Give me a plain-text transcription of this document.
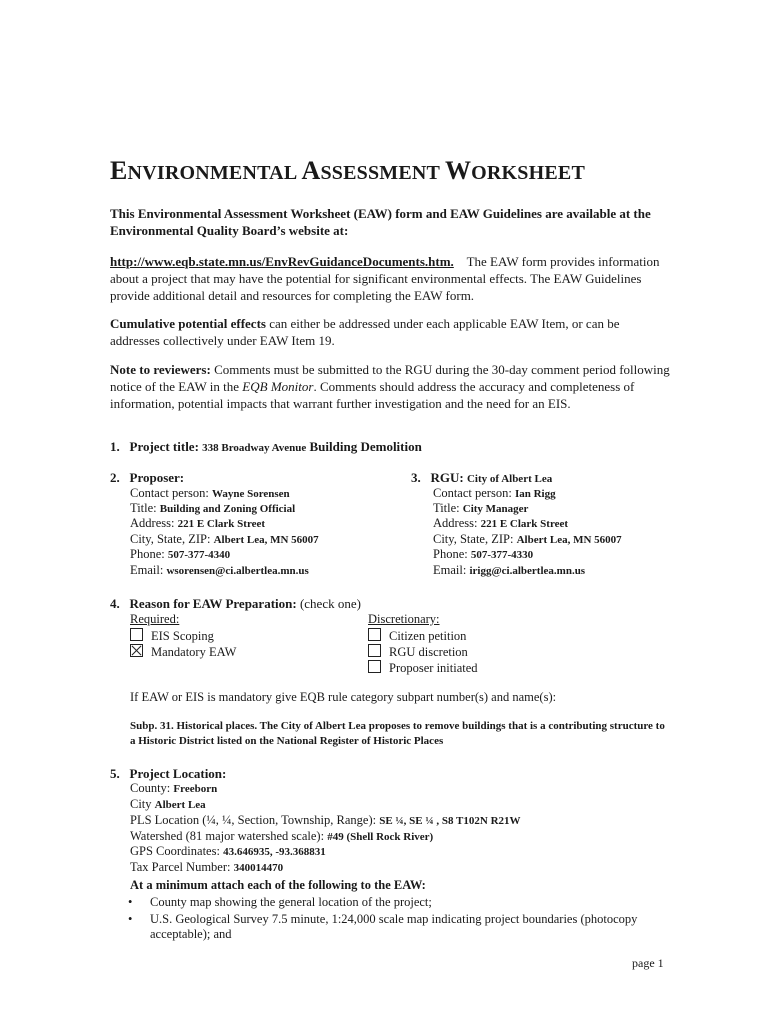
ENVIRONMENTAL ASSESSMENT WORKSHEET

This Environmental Assessment Worksheet (EAW) form and EAW Guidelines are available at the Environmental Quality Board’s website at:

http://www.eqb.state.mn.us/EnvRevGuidanceDocuments.htm. The EAW form provides information about a project that may have the potential for significant environmental effects. The EAW Guidelines provide additional detail and resources for completing the EAW form.

Cumulative potential effects can either be addressed under each applicable EAW Item, or can be addresses collectively under EAW Item 19.

Note to reviewers: Comments must be submitted to the RGU during the 30-day comment period following notice of the EAW in the EQB Monitor. Comments should address the accuracy and completeness of information, potential impacts that warrant further investigation and the need for an EIS.

1. Project title: 338 Broadway Avenue Building Demolition
2. Proposer:
Contact person: Wayne Sorensen
Title: Building and Zoning Official
Address: 221 E Clark Street
City, State, ZIP: Albert Lea, MN 56007
Phone: 507-377-4340
Email: wsorensen@ci.albertlea.mn.us
3. RGU: City of Albert Lea
Contact person: Ian Rigg
Title: City Manager
Address: 221 E Clark Street
City, State, ZIP: Albert Lea, MN 56007
Phone: 507-377-4330
Email: irigg@ci.albertlea.mn.us
4. Reason for EAW Preparation: (check one)
Required:
EIS Scoping
Mandatory EAW
Discretionary:
Citizen petition
RGU discretion
Proposer initiated
If EAW or EIS is mandatory give EQB rule category subpart number(s) and name(s):
Subp. 31. Historical places. The City of Albert Lea proposes to remove buildings that is a contributing structure to a Historic District listed on the National Register of Historic Places
5. Project Location:
County: Freeborn
City Albert Lea
PLS Location (¼, ¼, Section, Township, Range): SE ¼, SE ¼ , S8 T102N R21W
Watershed (81 major watershed scale): #49 (Shell Rock River)
GPS Coordinates: 43.646935, -93.368831
Tax Parcel Number: 340014470
At a minimum attach each of the following to the EAW:
• County map showing the general location of the project;
• U.S. Geological Survey 7.5 minute, 1:24,000 scale map indicating project boundaries (photocopy acceptable); and
page 1
